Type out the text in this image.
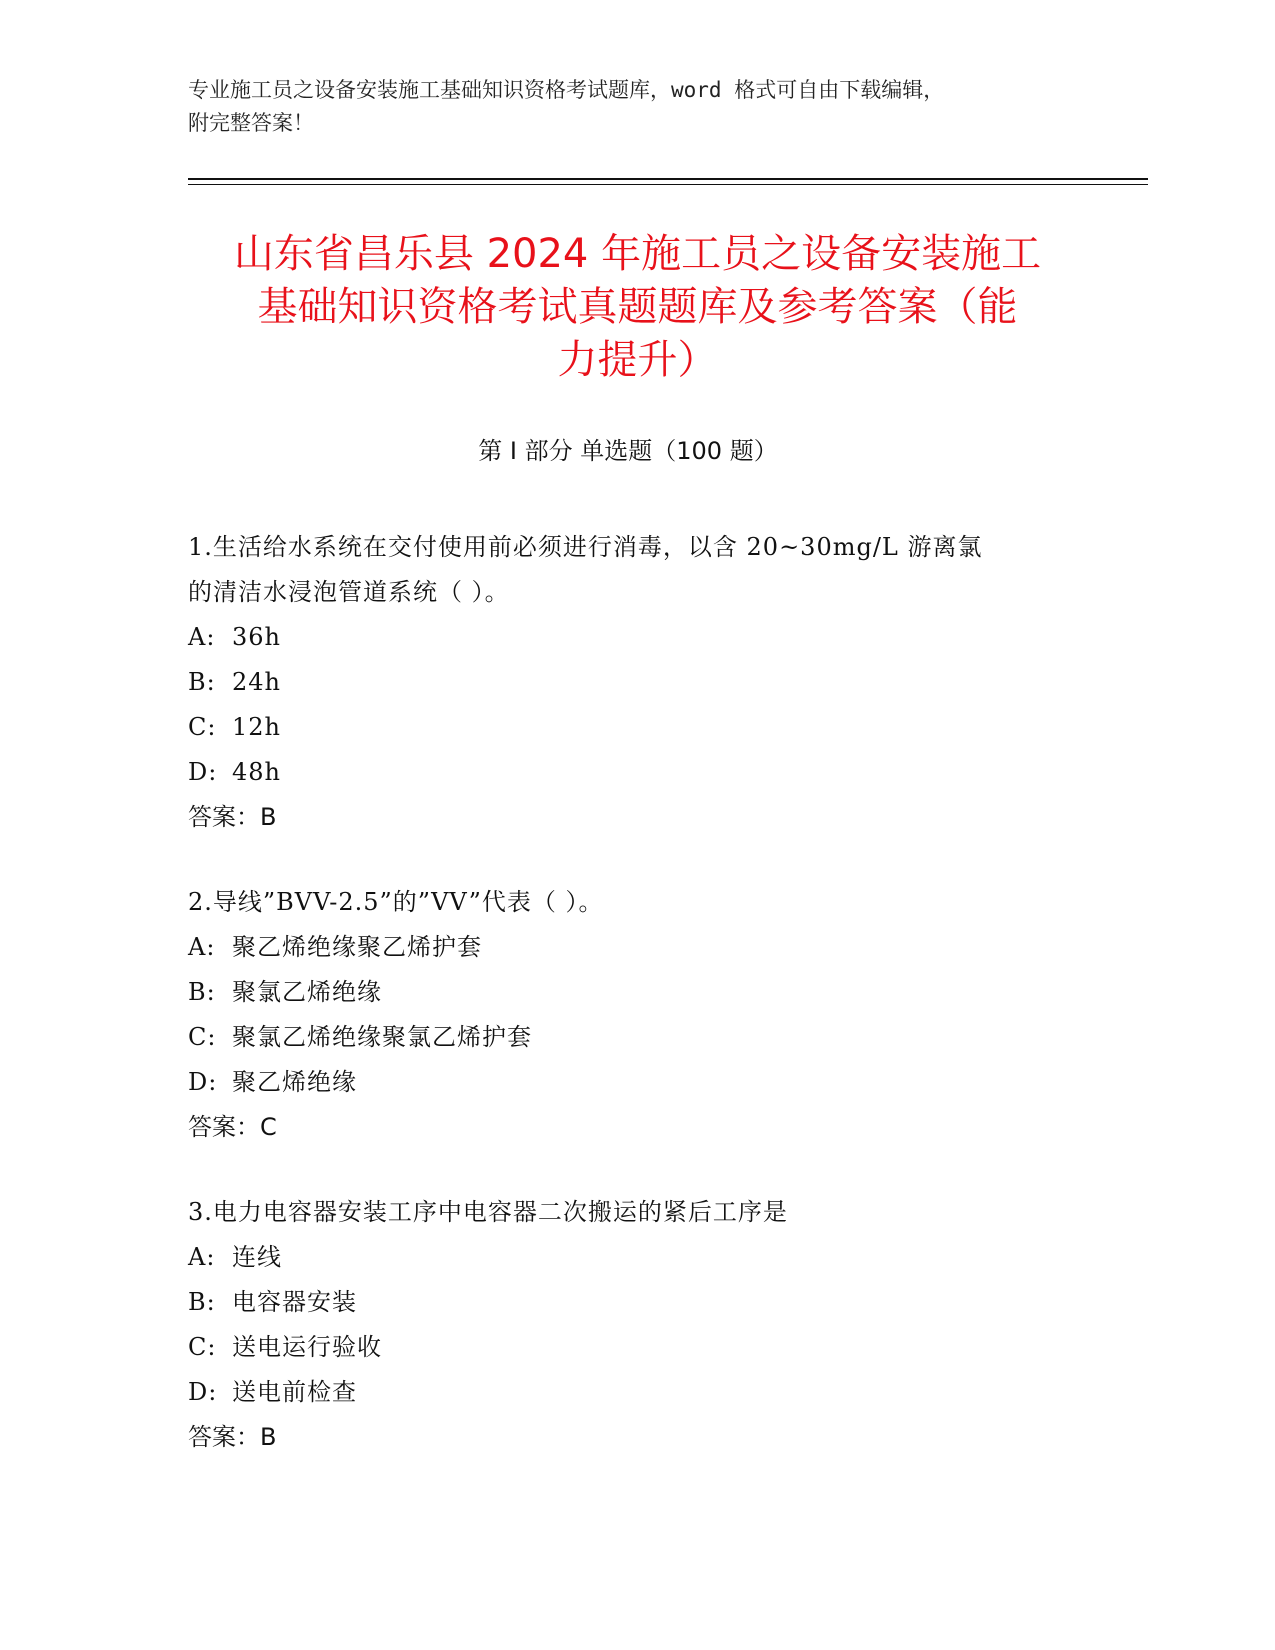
专业施工员之设备安装施工基础知识资格考试题库，word 格式可自由下载编辑，
附完整答案！
山东省昌乐县 2024 年施工员之设备安装施工
基础知识资格考试真题题库及参考答案（能
力提升）
第 I 部分 单选题（100 题）
1.生活给水系统在交付使用前必须进行消毒，以含 20~30mg/L 游离氯
的清洁水浸泡管道系统（ ）。
A: 36h
B: 24h
C: 12h
D: 48h
答案：B
2.导线”BVV-2.5”的”VV”代表（ ）。
A: 聚乙烯绝缘聚乙烯护套
B: 聚氯乙烯绝缘
C: 聚氯乙烯绝缘聚氯乙烯护套
D: 聚乙烯绝缘
答案：C
3.电力电容器安装工序中电容器二次搬运的紧后工序是
A: 连线
B: 电容器安装
C: 送电运行验收
D: 送电前检查
答案：B
